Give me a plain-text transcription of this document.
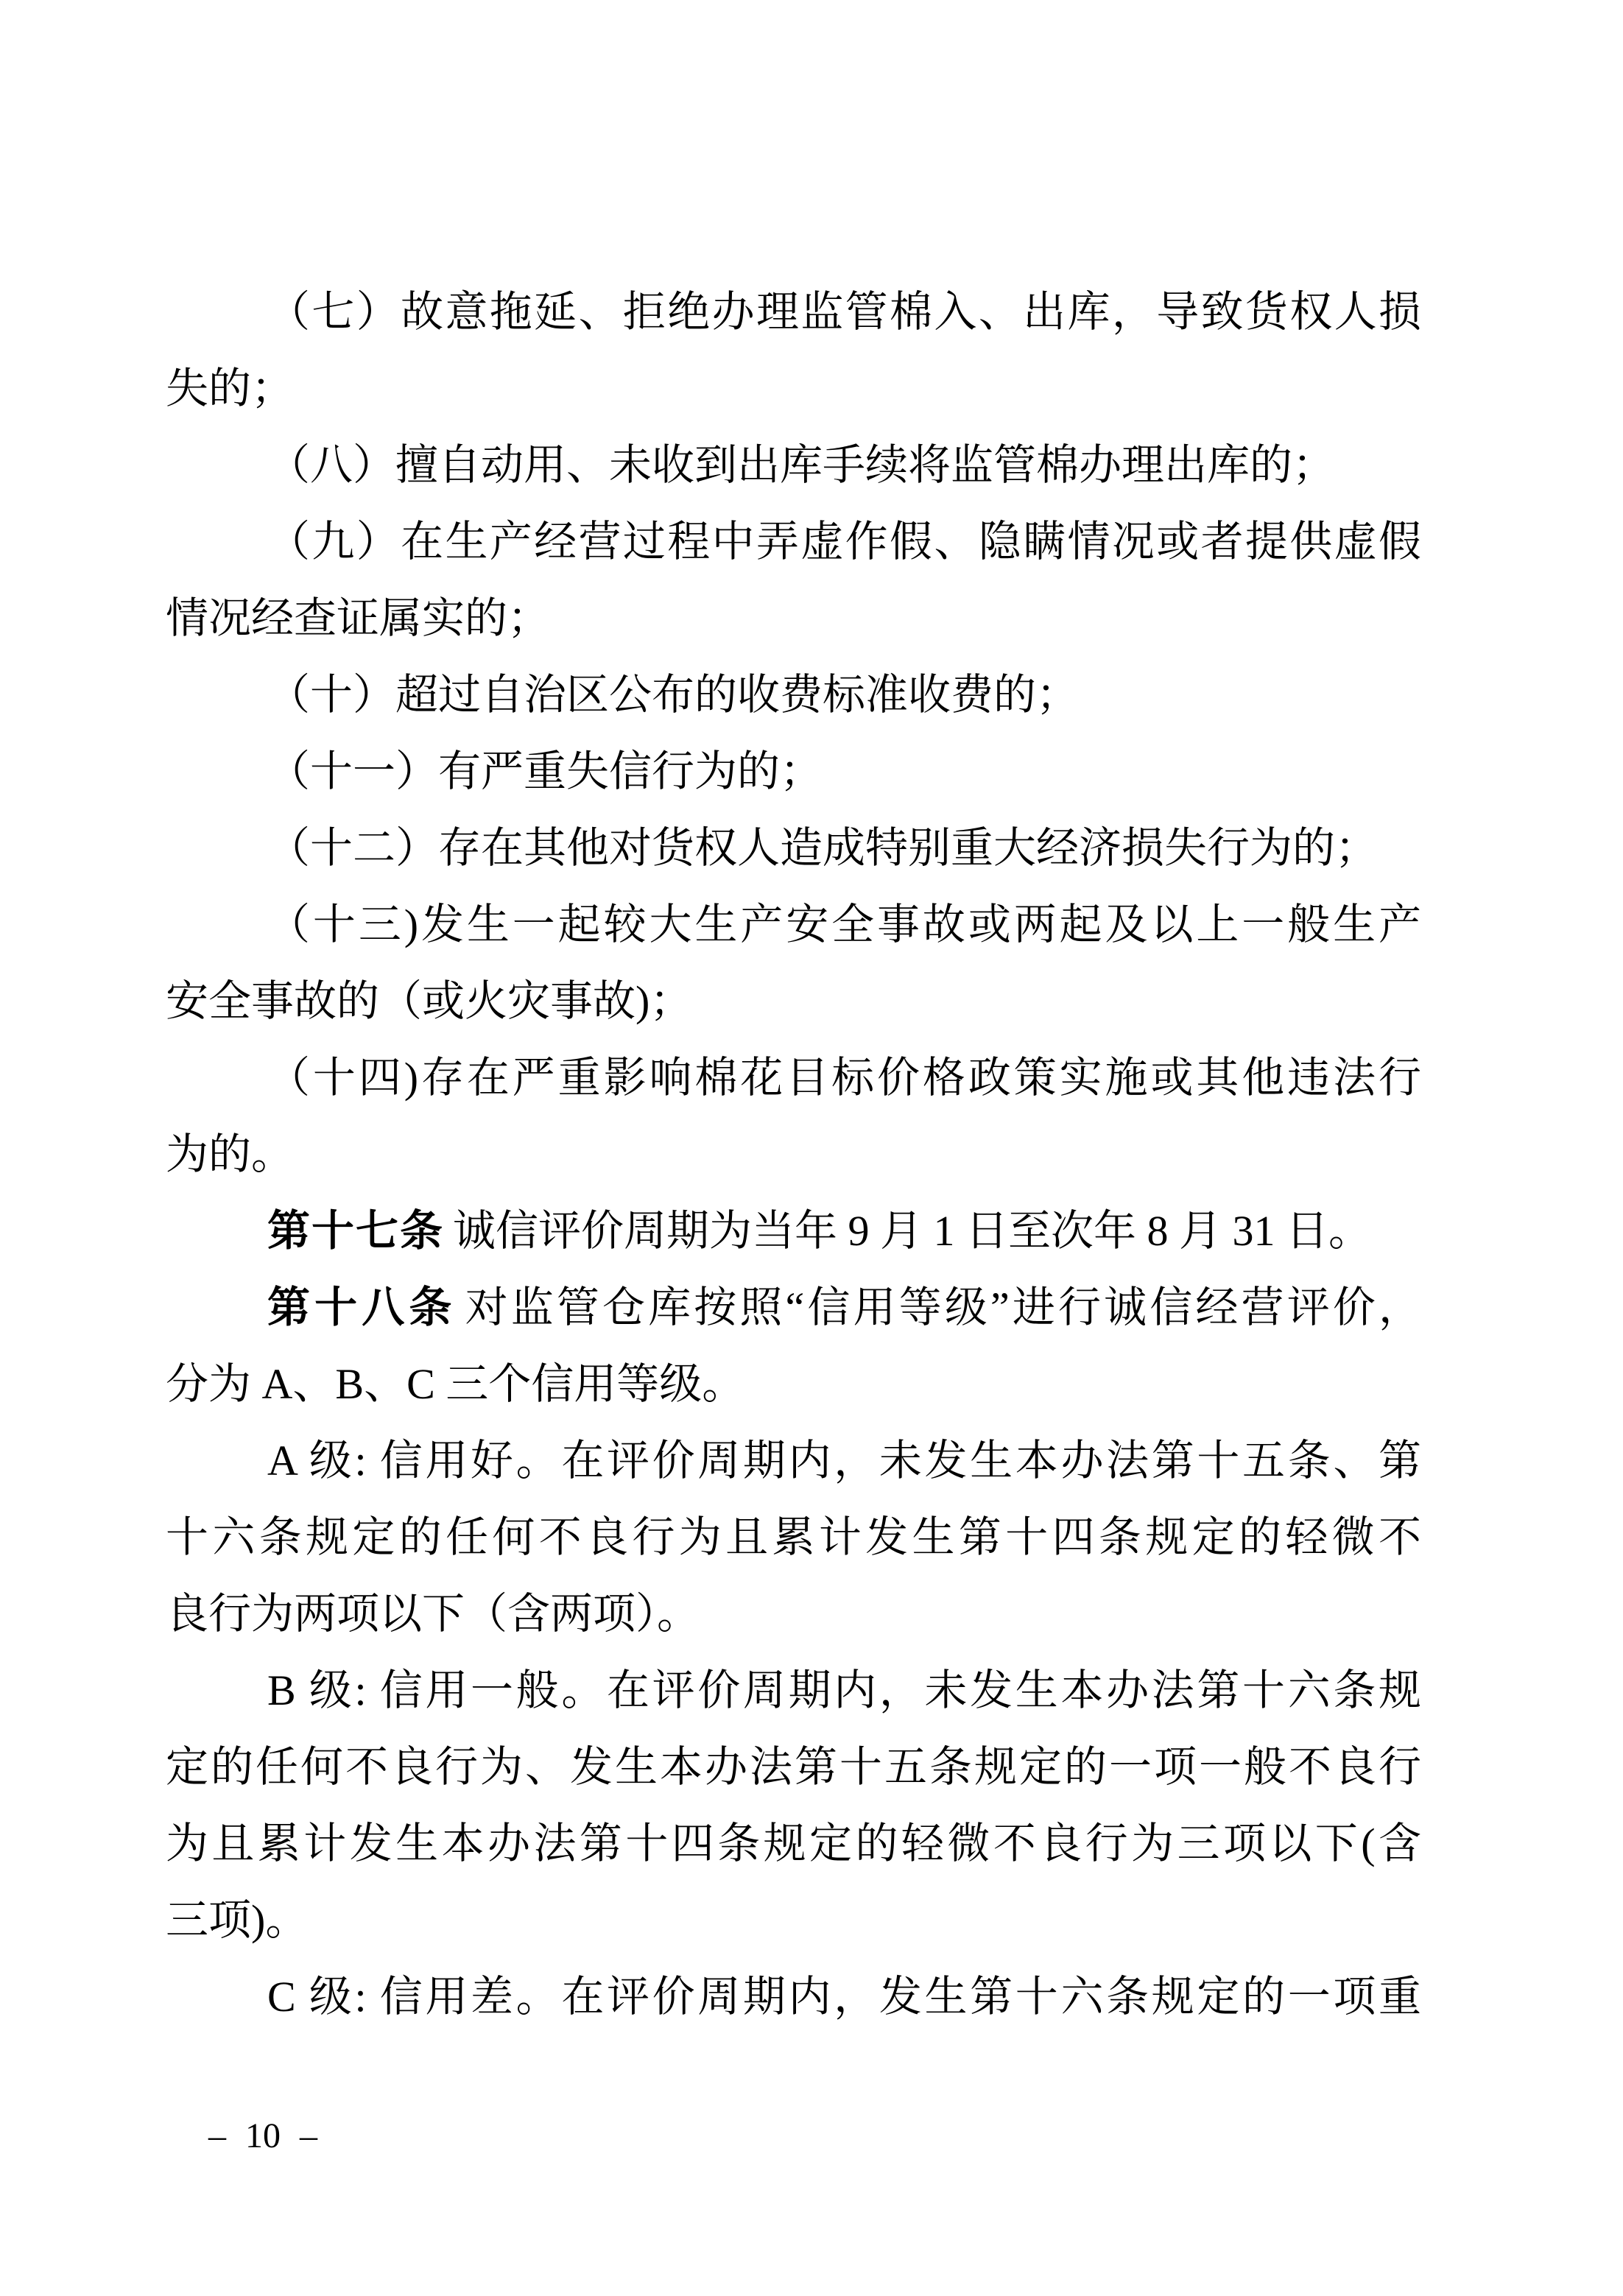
（七）故意拖延、拒绝办理监管棉入、出库，导致货权人损
失的；
（八）擅自动用、未收到出库手续将监管棉办理出库的；
（九）在生产经营过程中弄虚作假、隐瞒情况或者提供虚假
情况经查证属实的；
（十）超过自治区公布的收费标准收费的；
（十一）有严重失信行为的；
（十二）存在其他对货权人造成特别重大经济损失行为的；
（十三)发生一起较大生产安全事故或两起及以上一般生产
安全事故的（或火灾事故)；
（十四)存在严重影响棉花目标价格政策实施或其他违法行
为的。
第十七条 诚信评价周期为当年 9 月 1 日至次年 8 月 31 日。
第十八条 对监管仓库按照“信用等级”进行诚信经营评价，
分为 A、B、C 三个信用等级。
A 级: 信用好。在评价周期内，未发生本办法第十五条、第
十六条规定的任何不良行为且累计发生第十四条规定的轻微不
良行为两项以下（含两项）。
B 级: 信用一般。在评价周期内，未发生本办法第十六条规
定的任何不良行为、发生本办法第十五条规定的一项一般不良行
为且累计发生本办法第十四条规定的轻微不良行为三项以下(含
三项)。
C 级: 信用差。在评价周期内，发生第十六条规定的一项重
– 10 –
